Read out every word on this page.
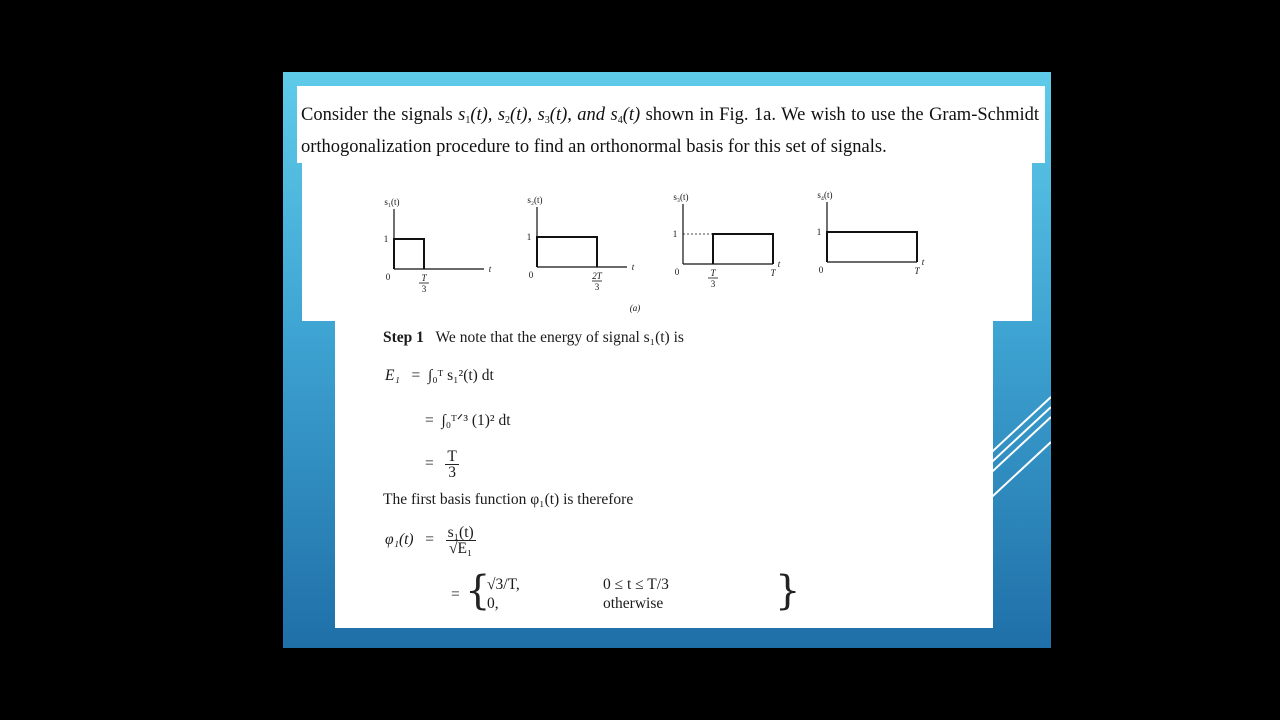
Consider the signals $s_1(t)$, $s_2(t)$, $s_3(t)$, and $s_4(t)$ shown in Fig. 1a. We wish to use the Gram-Schmidt orthogonalization procedure to find an orthonormal basis for this set of signals.

s₁(t)
1
0
t
T
3
s₂(t)
1
0
t
2T
3
s₃(t)
1
0
t
T
3
T
s₄(t)
1
0
t
T
(a)
Step 1 We note that the energy of signal s₁(t) is
E₁ = ∫₀ᵀ s₁²(t) dt
= ∫₀ᵀᐟ³ (1)² dt
= $\frac{T}{3}$
The first basis function φ₁(t) is therefore
$\varphi_1(t) = \frac{\text{s₁(t)}}{\text{√E₁}}$
= {
√3/T,	0 ≤ t ≤ T/3
0,	otherwise	}
